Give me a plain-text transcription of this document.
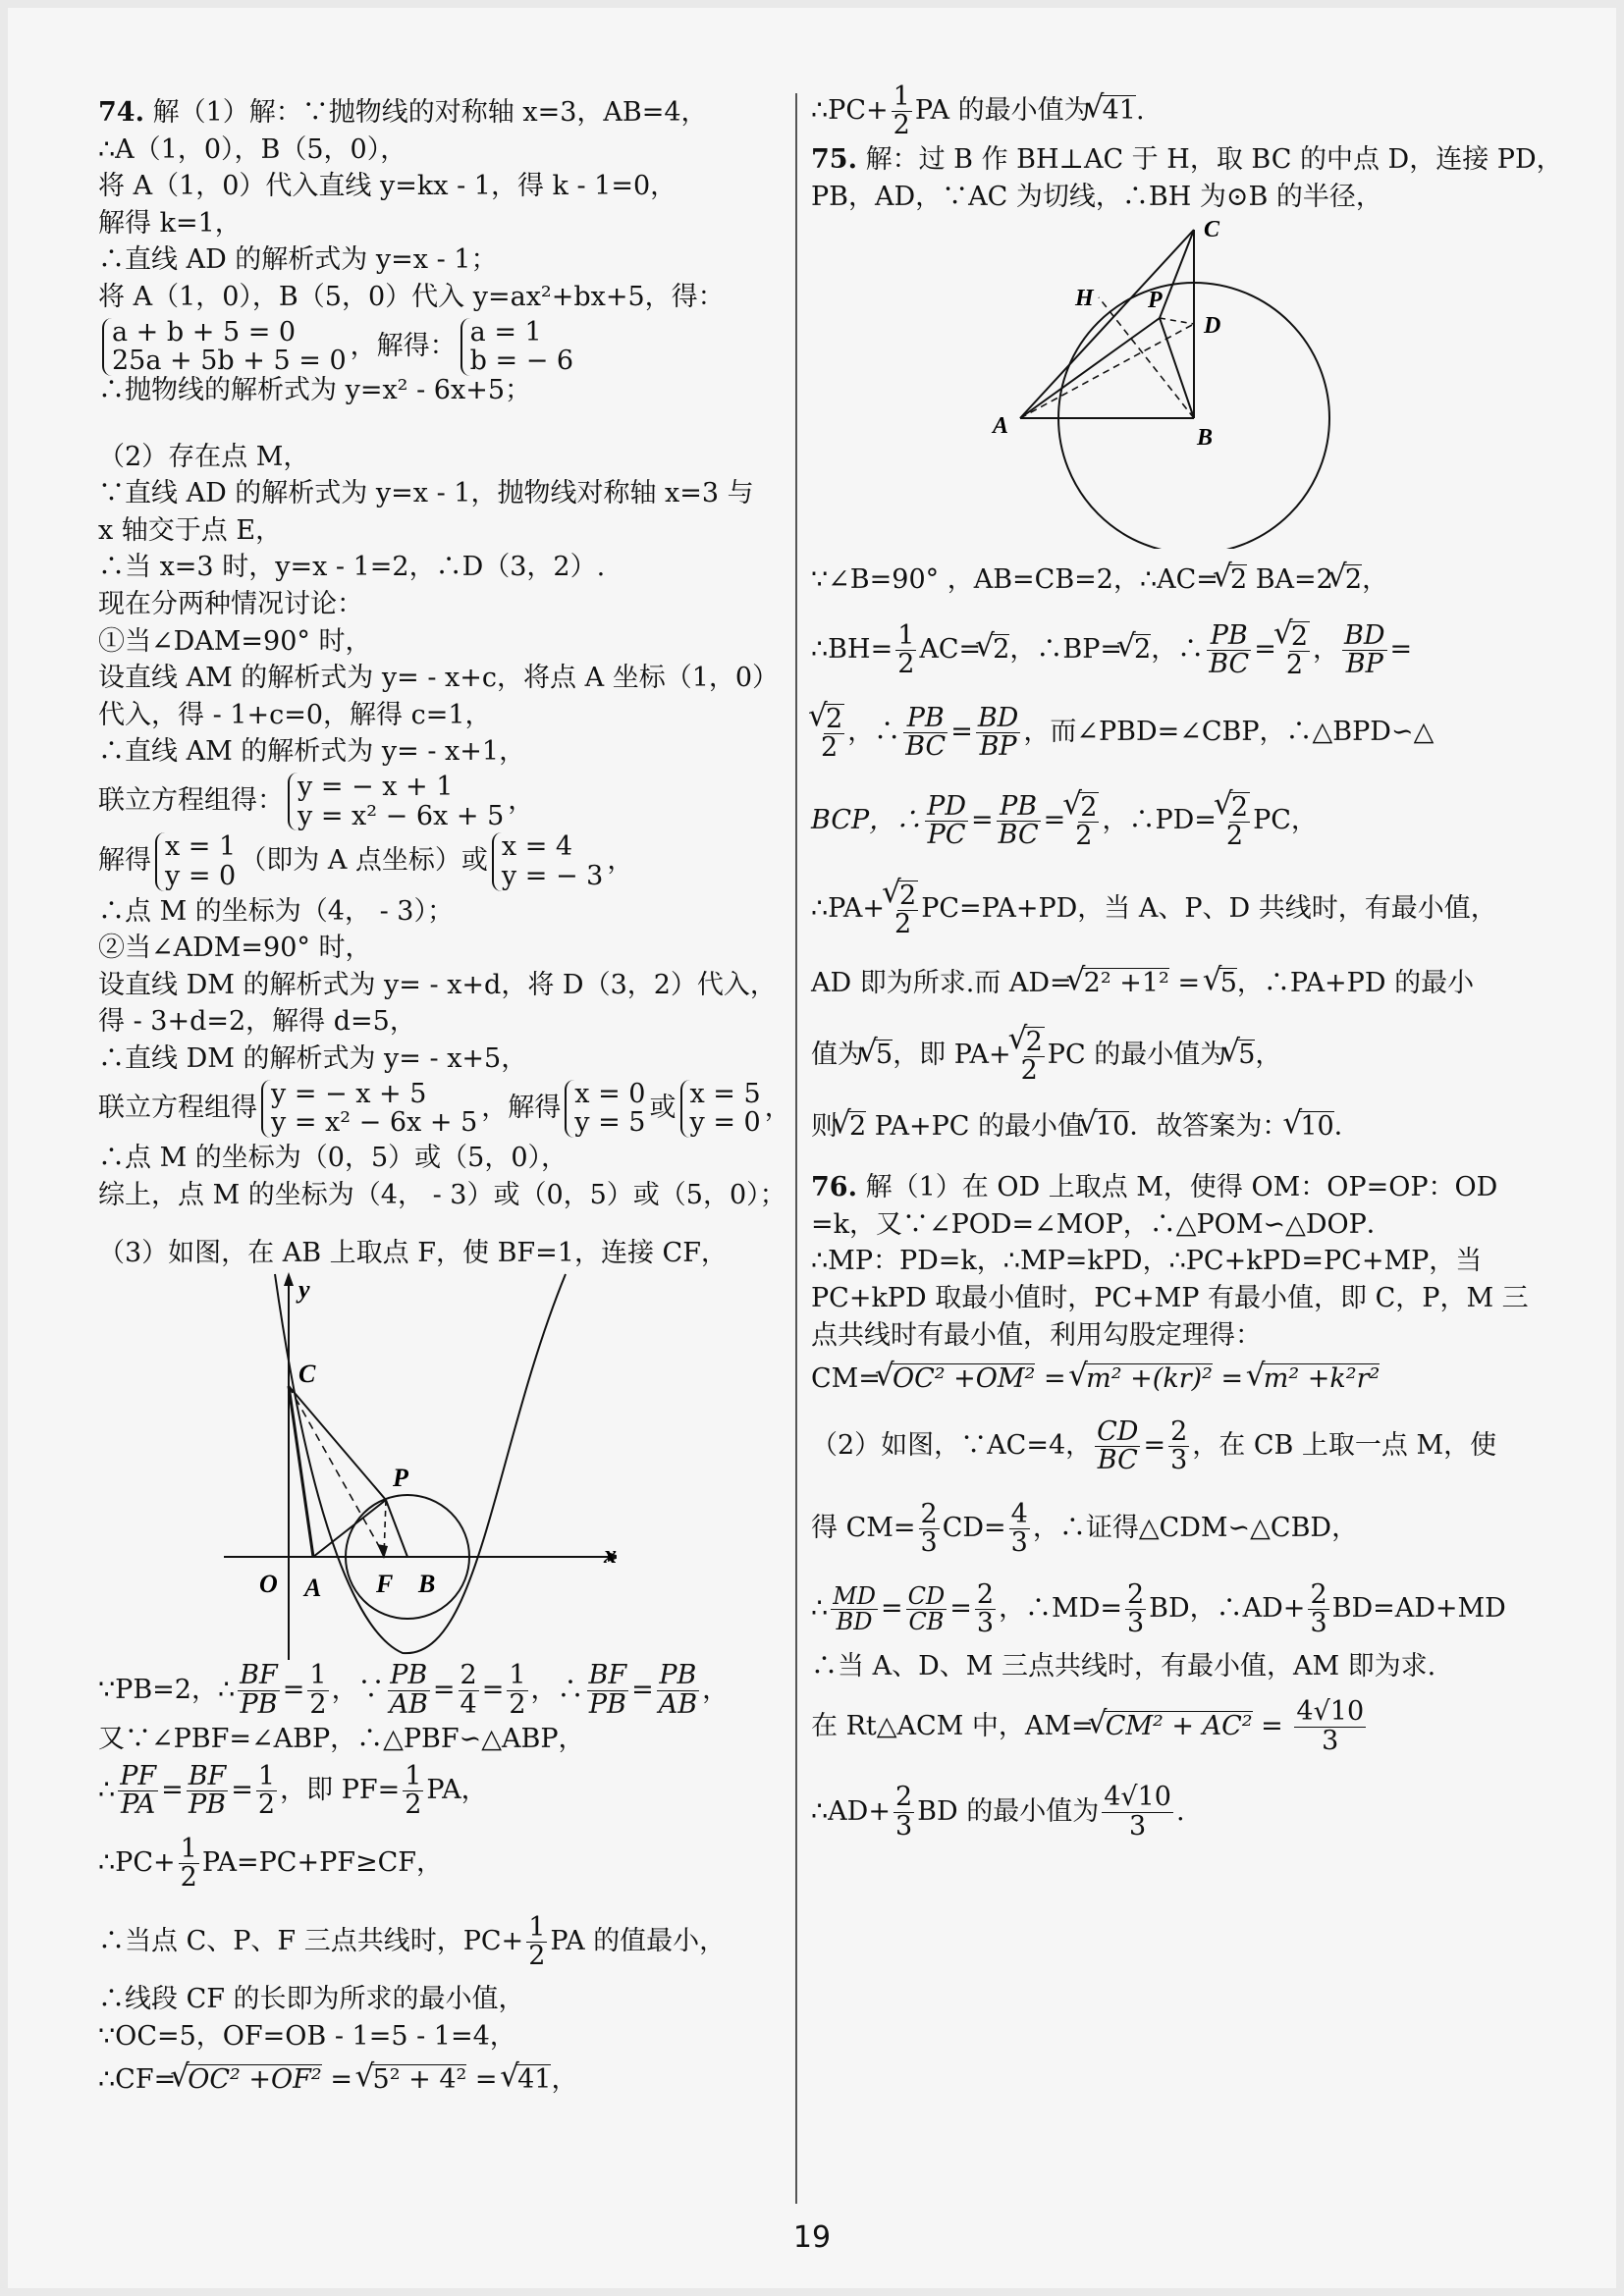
74. 解（1）解：∵抛物线的对称轴 x=3，AB=4，
∴A（1，0），B（5，0），
将 A（1，0）代入直线 y=kx - 1，得 k - 1=0，
解得 k=1，
∴直线 AD 的解析式为 y=x - 1；
将 A（1，0），B（5，0）代入 y=ax²+bx+5，得：
a + b + 5 = 0
25a + 5b + 5 = 0 ，解得： a = 1
b = − 6
∴抛物线的解析式为 y=x² - 6x+5；
（2）存在点 M，
∵直线 AD 的解析式为 y=x - 1，抛物线对称轴 x=3 与
x 轴交于点 E，
∴当 x=3 时，y=x - 1=2，∴D（3，2）.
现在分两种情况讨论：
①当∠DAM=90° 时，
设直线 AM 的解析式为 y= - x+c，将点 A 坐标（1，0）
代入，得 - 1+c=0，解得 c=1，
∴直线 AM 的解析式为 y= - x+1，
联立方程组得： y = − x + 1
y = x² − 6x + 5 ，
解得 x = 1
y = 0 （即为 A 点坐标）或 x = 4
y = − 3 ，
∴点 M 的坐标为（4， - 3）；
②当∠ADM=90° 时，
设直线 DM 的解析式为 y= - x+d，将 D（3，2）代入，
得 - 3+d=2，解得 d=5，
∴直线 DM 的解析式为 y= - x+5，
联立方程组得 y = − x + 5
y = x² − 6x + 5 ，解得 x = 0
y = 5 或 x = 5
y = 0 ，
∴点 M 的坐标为（0，5）或（5，0），
综上，点 M 的坐标为（4， - 3）或（0，5）或（5，0）；
（3）如图，在 AB 上取点 F，使 BF=1，连接 CF，
y
x
O A F B
C
P
∵PB=2，∴ $\frac{BF}{PB} = \frac{1}{2}$ ，∵ $\frac{PB}{AB} = \frac{2}{4} = \frac{1}{2}$ ，∴ $\frac{BF}{PB} = \frac{PB}{AB}$ ，
又∵∠PBF=∠ABP，∴△PBF∽△ABP，
∴ $\frac{PF}{PA} = \frac{BF}{PB} = \frac{1}{2}$ ，即 $PF= \frac{1}{2}$ PA，
∴PC+ $\frac{1}{2} PA=PC+PF\ge CF$，
∴当点 C、P、F 三点共线时，$PC+ \frac{1}{2}$ PA 的值最小，
∴线段 CF 的长即为所求的最小值，
∵OC=5，OF=OB - 1=5 - 1=4，
∴CF=√ OC² +OF² = √ 5² + 4² = √ 41，
∴PC+ $\frac{1}{2}$ PA 的最小值为√ 41.
75. 解：过 B 作 BH⊥AC 于 H，取 BC 的中点 D，连接 PD，
PB，AD，∵AC 为切线，∴BH 为⊙B 的半径，
A	B
C
H P
D
∵∠B=90° ，AB=CB=2，∴AC=√ 2 BA=2√ 2，
∴BH= $\frac{1}{2} AC=√$ 2，∴BP=√ 2，∴ $\frac{PB}{BC}$ =
√ $\frac{2}{2}$ ， $\frac{BD}{BP}$ =
√ $\frac{2}{2}$ ，∴ $\frac{PB}{BC} = \frac{BD}{BP}$ ，而∠PBD=∠CBP，∴△BPD∽△
BCP，∴ $\frac{PD}{PC} = \frac{PB}{BC}$ =
√ $\frac{2}{2}$ ，∴PD=
√ $\frac{2}{2}$ PC，
∴PA+
√ $\frac{2}{2} PC=PA+PD$，当 A、P、D 共线时，有最小值，
AD 即为所求.而 AD=√ 2² +1² = √ 5，∴PA+PD 的最小
值为√ 5，即 PA+
√ $\frac{2}{2}$ PC 的最小值为√ 5，
则√ 2 PA+PC 的最小值√ 10．故答案为：√ 10．
76. 解（1）在 OD 上取点 M，使得 OM：OP=OP：OD
=k，又∵∠POD=∠MOP，∴△POM∽△DOP．
∴MP：PD=k，∴MP=kPD，∴PC+kPD=PC+MP，当
PC+kPD 取最小值时，PC+MP 有最小值，即 C，P，M 三
点共线时有最小值，利用勾股定理得：
CM=√ OC² +OM² = √ m² +(kr)² = √ m² +k²r²
（2）如图，∵AC=4， $\frac{CD}{BC} = \frac{2}{3}$ ，在 CB 上取一点 M，使
得 $CM= \frac{2}{3} CD= \frac{4}{3}$ ，∴证得△CDM∽△CBD，
∴ $\frac{MD}{BD} = \frac{CD}{CB} = \frac{2}{3}$ ，∴MD= $\frac{2}{3}$ BD，∴AD+ $\frac{2}{3} BD=AD+MD$
∴当 A、D、M 三点共线时，有最小值，AM 即为求.
在 Rt△ACM 中，AM=√ $CM^2 + AC^2 = \frac{4√10}{3}$
∴AD+ $\frac{2}{3}$ BD 的最小值为 $\frac{4√10}{3}$ .
19
